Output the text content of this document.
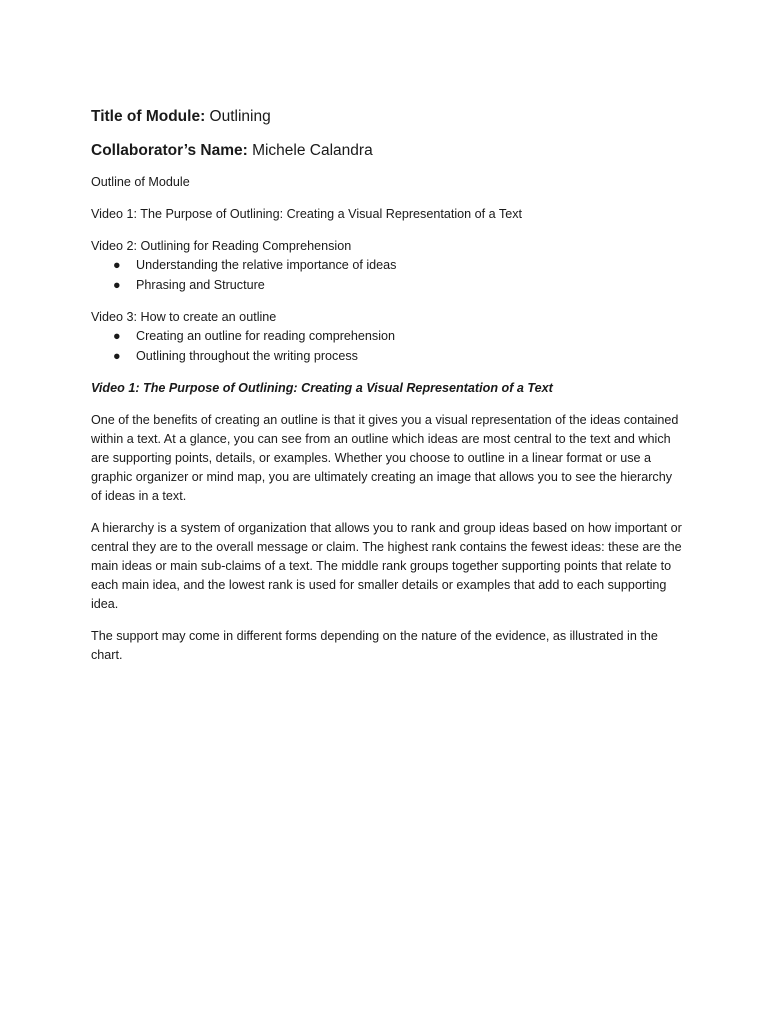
Title of Module: Outlining

Collaborator’s Name: Michele Calandra

Outline of Module

Video 1: The Purpose of Outlining: Creating a Visual Representation of a Text

Video 2: Outlining for Reading Comprehension

● Understanding the relative importance of ideas
● Phrasing and Structure

Video 3: How to create an outline

● Creating an outline for reading comprehension
● Outlining throughout the writing process

Video 1: The Purpose of Outlining: Creating a Visual Representation of a Text

One of the benefits of creating an outline is that it gives you a visual representation of the ideas contained within a text. At a glance, you can see from an outline which ideas are most central to the text and which are supporting points, details, or examples. Whether you choose to outline in a linear format or use a graphic organizer or mind map, you are ultimately creating an image that allows you to see the hierarchy of ideas in a text.

A hierarchy is a system of organization that allows you to rank and group ideas based on how important or central they are to the overall message or claim. The highest rank contains the fewest ideas: these are the main ideas or main sub-claims of a text. The middle rank groups together supporting points that relate to each main idea, and the lowest rank is used for smaller details or examples that add to each supporting idea.

The support may come in different forms depending on the nature of the evidence, as illustrated in the chart.
